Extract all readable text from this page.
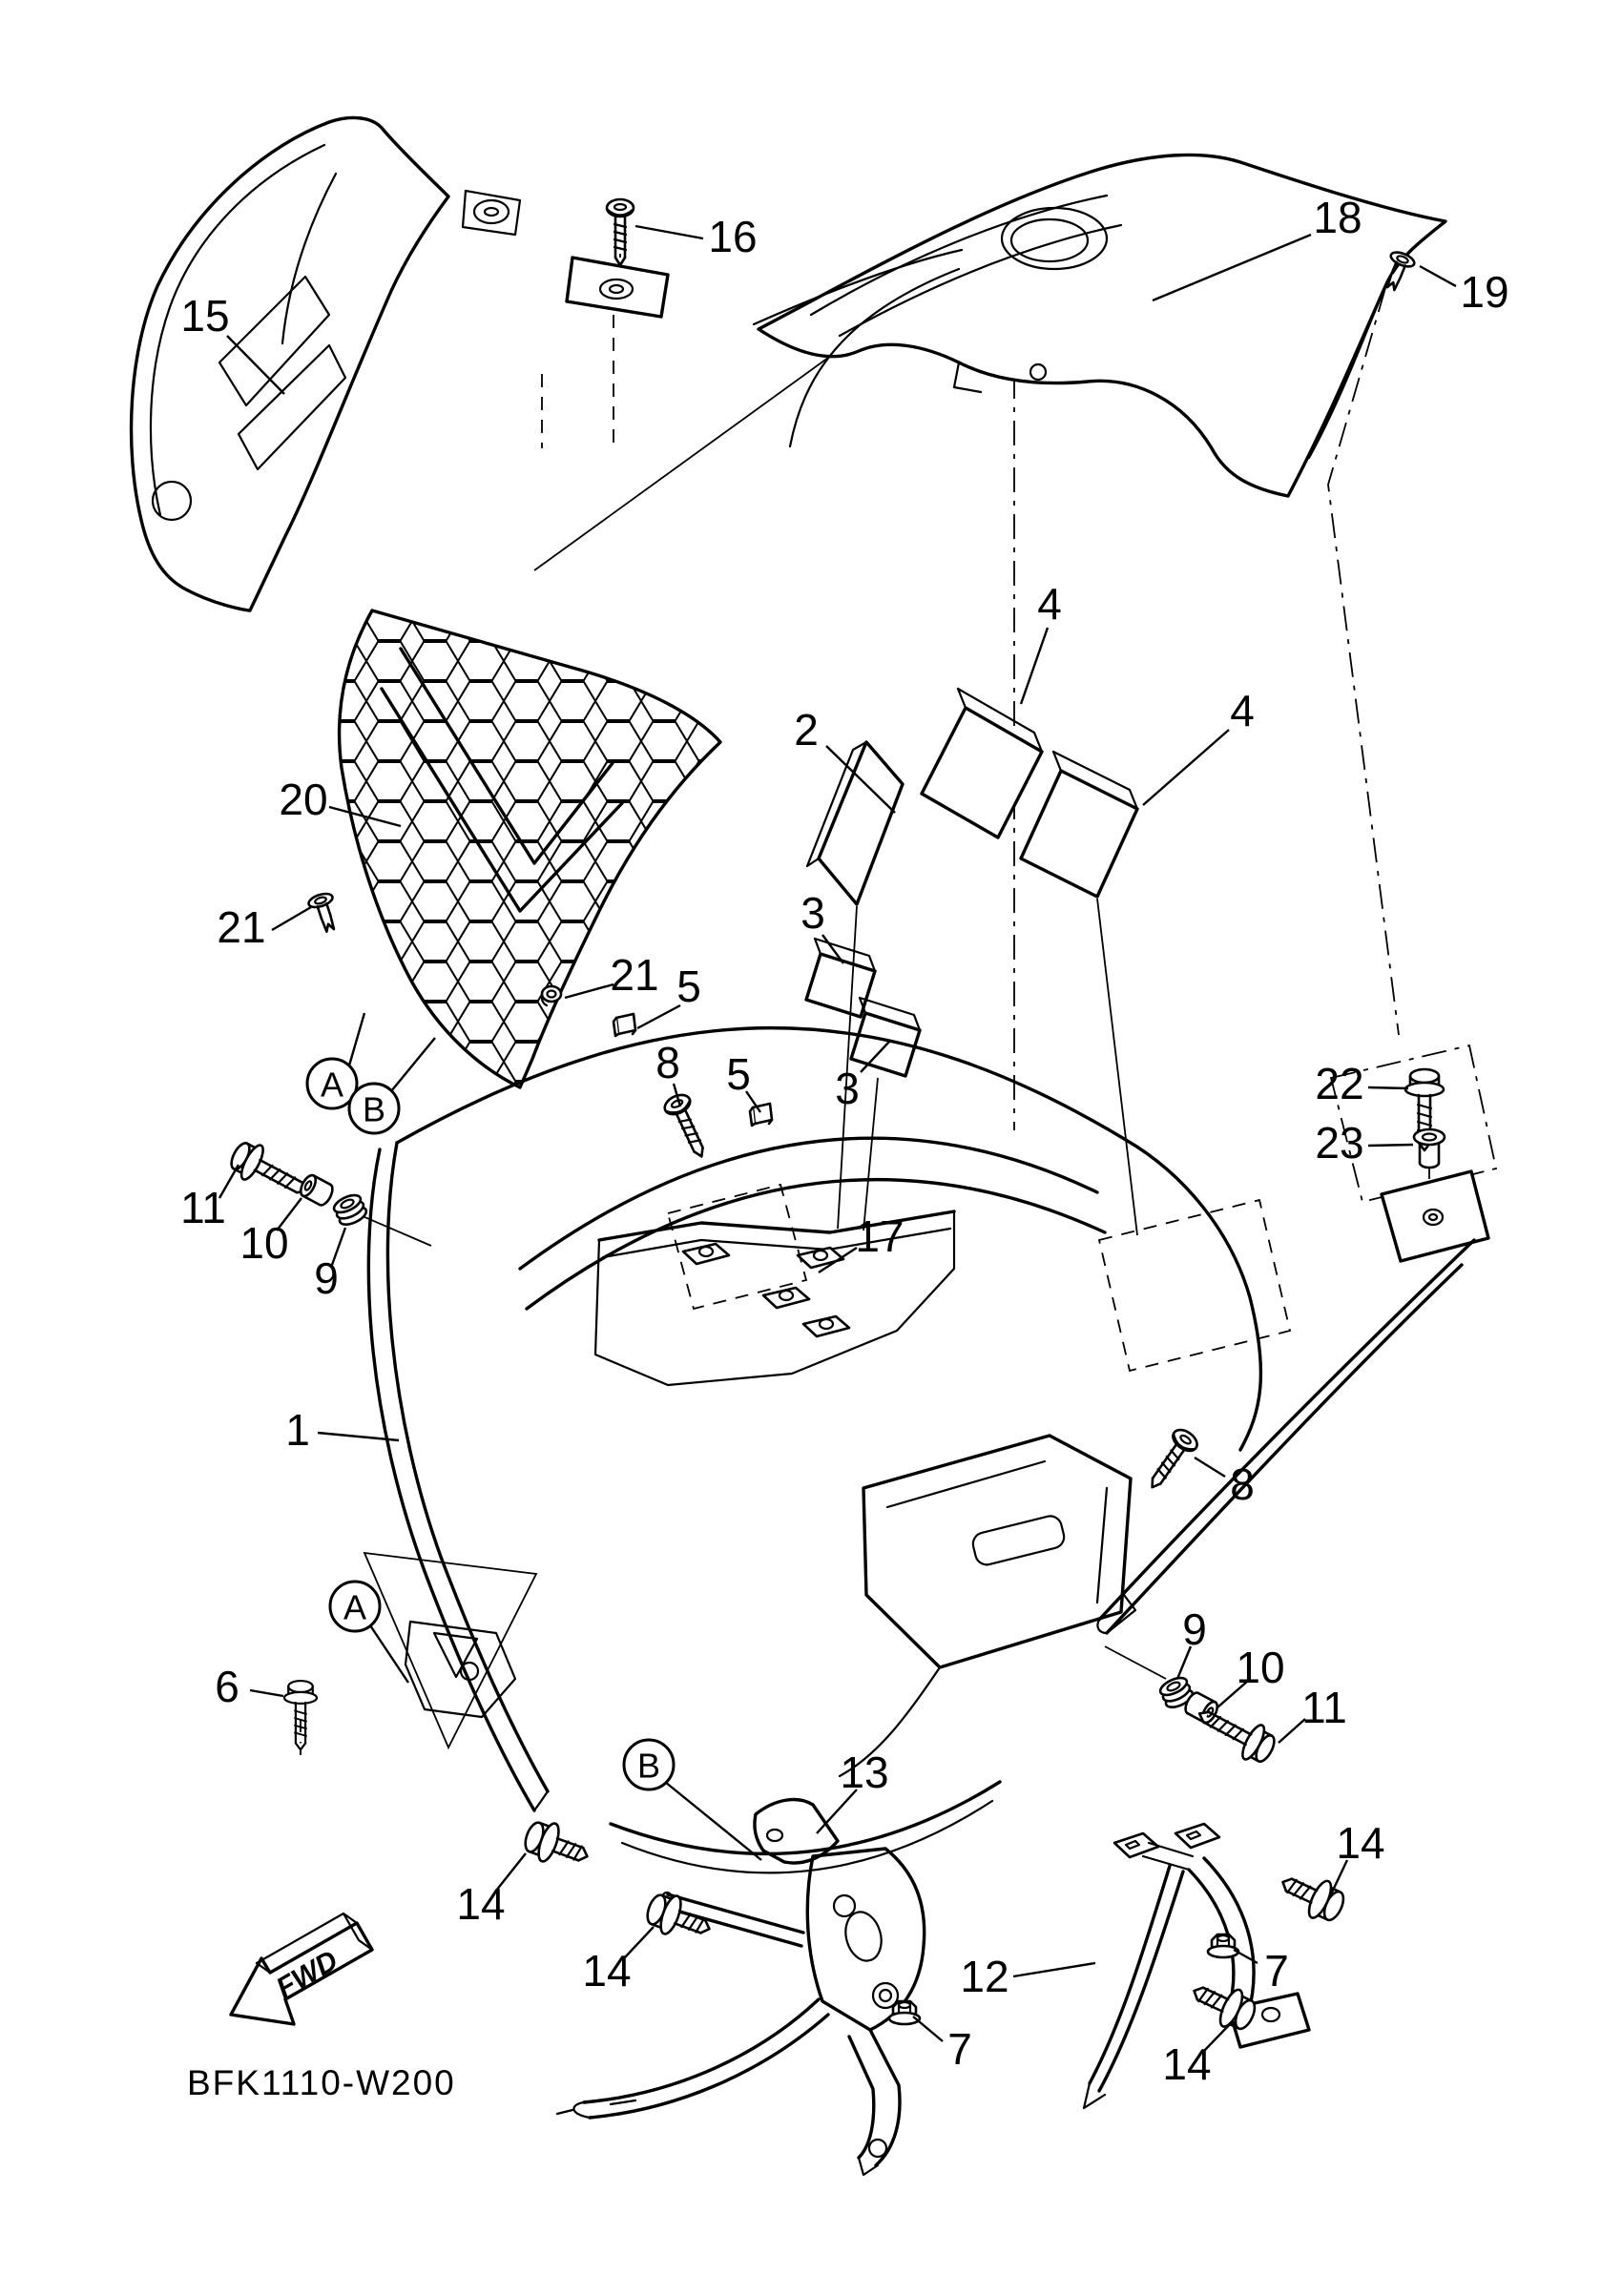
FWD
BFK1110-W200
15
16	18
19
4
2	4
20
3
21
21 5
3
8 5	22
23
11
10
9
17
1
8
6
9
10
11
13
14
14
14
12	7
7	14
A
B
A
B
